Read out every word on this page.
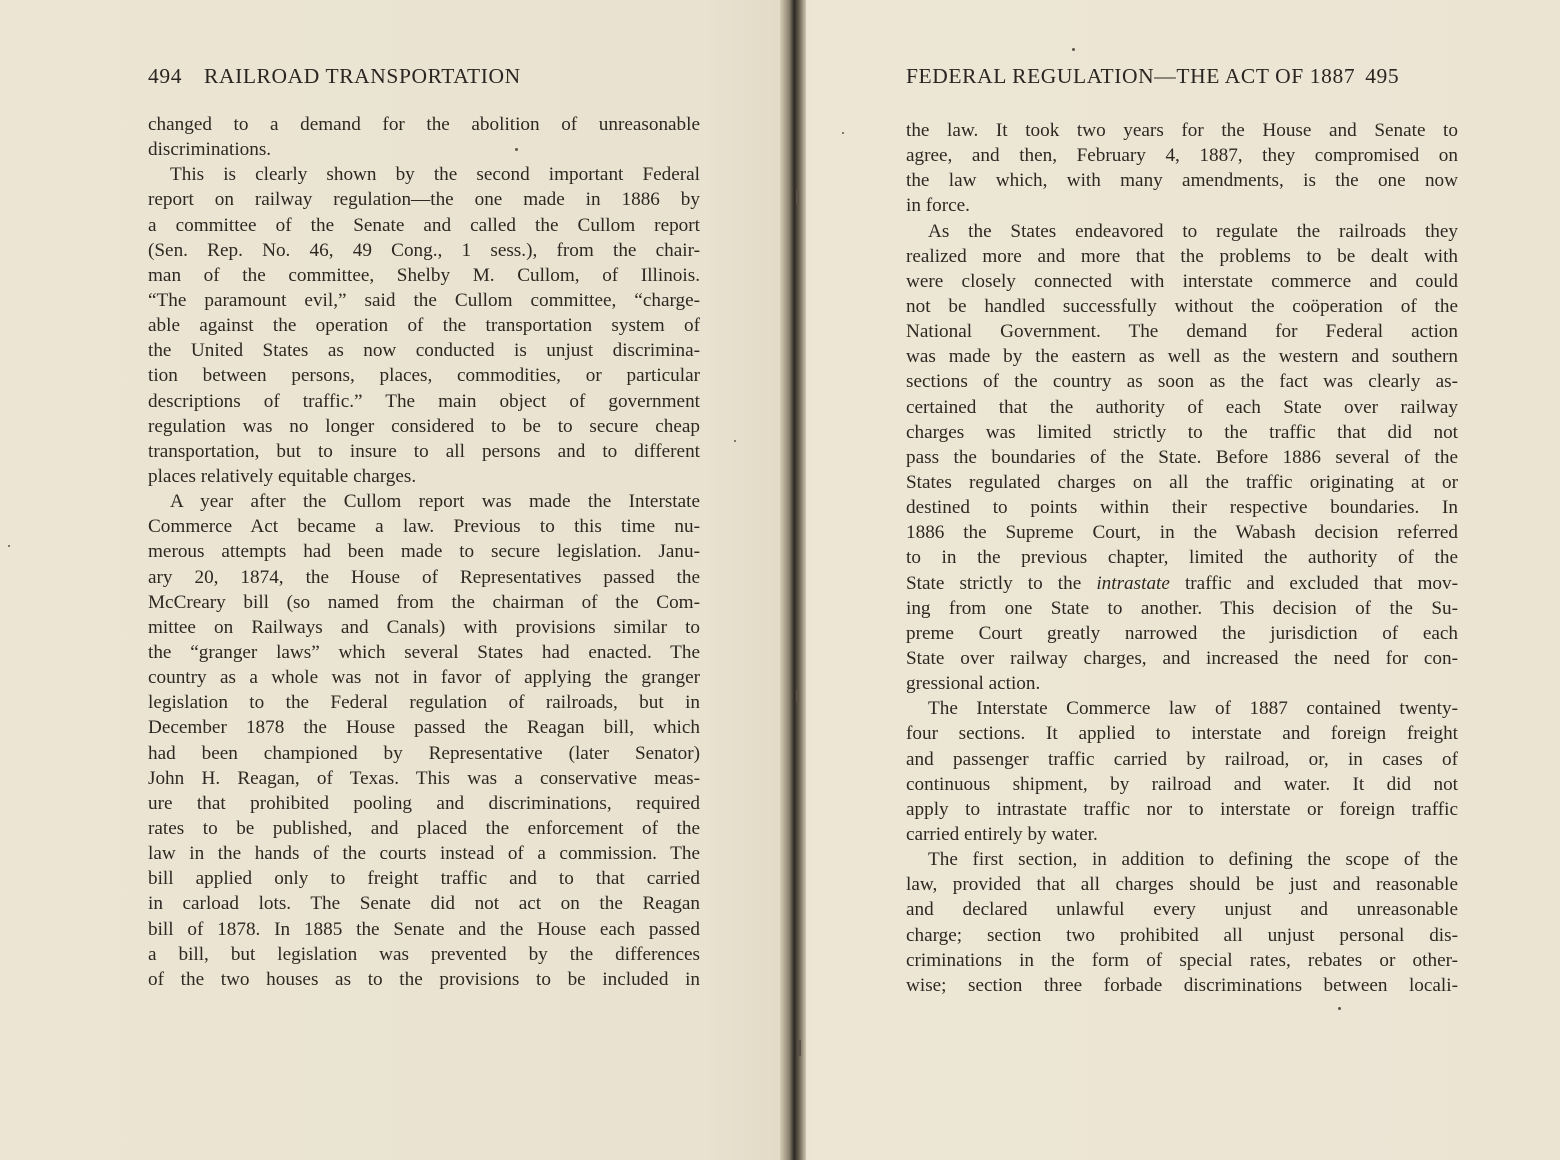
494 RAILROAD TRANSPORTATION
changed to a demand for the abolition of unreasonable
discriminations.
This is clearly shown by the second important Federal
report on railway regulation—the one made in 1886 by
a committee of the Senate and called the Cullom report
(Sen. Rep. No. 46, 49 Cong., 1 sess.), from the chair-
man of the committee, Shelby M. Cullom, of Illinois.
“The paramount evil,” said the Cullom committee, “charge-
able against the operation of the transportation system of
the United States as now conducted is unjust discrimina-
tion between persons, places, commodities, or particular
descriptions of traffic.” The main object of government
regulation was no longer considered to be to secure cheap
transportation, but to insure to all persons and to different
places relatively equitable charges.
A year after the Cullom report was made the Interstate
Commerce Act became a law. Previous to this time nu-
merous attempts had been made to secure legislation. Janu-
ary 20, 1874, the House of Representatives passed the
McCreary bill (so named from the chairman of the Com-
mittee on Railways and Canals) with provisions similar to
the “granger laws” which several States had enacted. The
country as a whole was not in favor of applying the granger
legislation to the Federal regulation of railroads, but in
December 1878 the House passed the Reagan bill, which
had been championed by Representative (later Senator)
John H. Reagan, of Texas. This was a conservative meas-
ure that prohibited pooling and discriminations, required
rates to be published, and placed the enforcement of the
law in the hands of the courts instead of a commission. The
bill applied only to freight traffic and to that carried
in carload lots. The Senate did not act on the Reagan
bill of 1878. In 1885 the Senate and the House each passed
a bill, but legislation was prevented by the differences
of the two houses as to the provisions to be included in
FEDERAL REGULATION—THE ACT OF 1887 495
the law. It took two years for the House and Senate to
agree, and then, February 4, 1887, they compromised on
the law which, with many amendments, is the one now
in force.
As the States endeavored to regulate the railroads they
realized more and more that the problems to be dealt with
were closely connected with interstate commerce and could
not be handled successfully without the coöperation of the
National Government. The demand for Federal action
was made by the eastern as well as the western and southern
sections of the country as soon as the fact was clearly as-
certained that the authority of each State over railway
charges was limited strictly to the traffic that did not
pass the boundaries of the State. Before 1886 several of the
States regulated charges on all the traffic originating at or
destined to points within their respective boundaries. In
1886 the Supreme Court, in the Wabash decision referred
to in the previous chapter, limited the authority of the
State strictly to the intrastate traffic and excluded that mov-
ing from one State to another. This decision of the Su-
preme Court greatly narrowed the jurisdiction of each
State over railway charges, and increased the need for con-
gressional action.
The Interstate Commerce law of 1887 contained twenty-
four sections. It applied to interstate and foreign freight
and passenger traffic carried by railroad, or, in cases of
continuous shipment, by railroad and water. It did not
apply to intrastate traffic nor to interstate or foreign traffic
carried entirely by water.
The first section, in addition to defining the scope of the
law, provided that all charges should be just and reasonable
and declared unlawful every unjust and unreasonable
charge; section two prohibited all unjust personal dis-
criminations in the form of special rates, rebates or other-
wise; section three forbade discriminations between locali-
